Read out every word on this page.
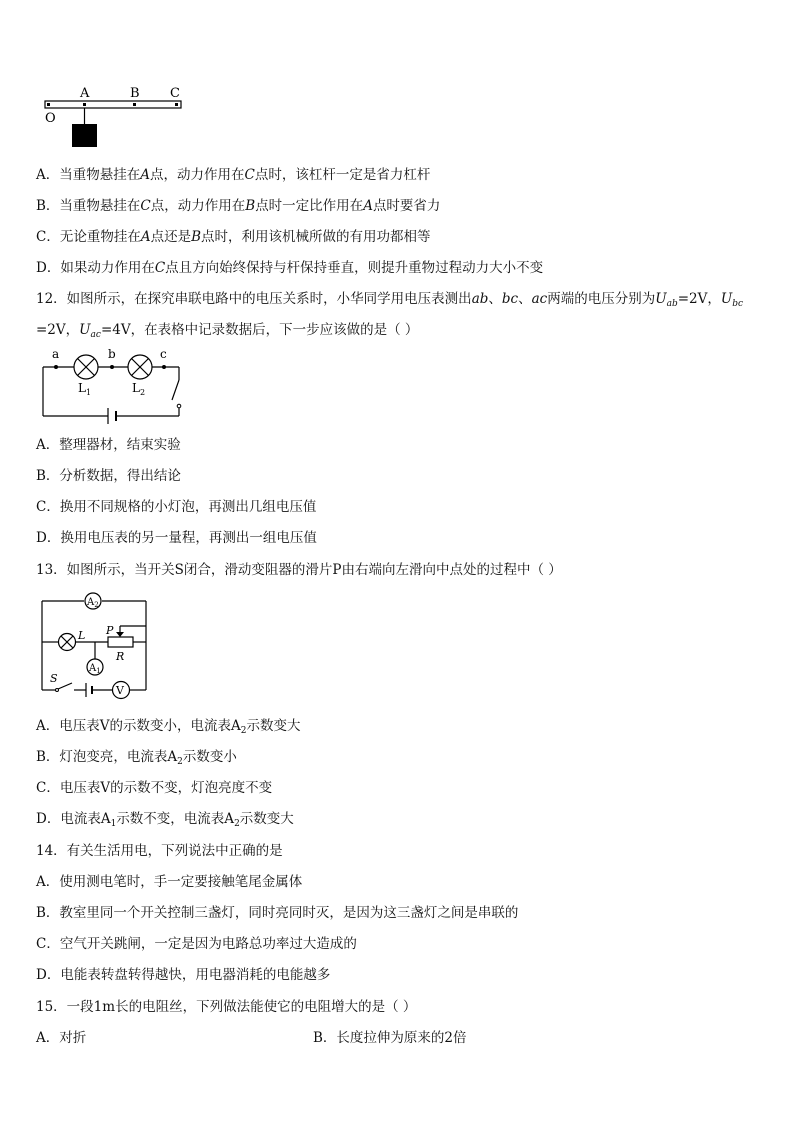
A	B C
O
A．当重物悬挂在A点，动力作用在C点时，该杠杆一定是省力杠杆
B．当重物悬挂在C点，动力作用在B点时一定比作用在A点时要省力
C．无论重物挂在A点还是B点时，利用该机械所做的有用功都相等
D．如果动力作用在C点且方向始终保持与杆保持垂直，则提升重物过程动力大小不变
12．如图所示，在探究串联电路中的电压关系时，小华同学用电压表测出ab、bc、ac两端的电压分别为$U_{ab}=2V$，$U_{bc}$
=2V，$U_{ac}=4V$，在表格中记录数据后，下一步应该做的是（ ）
a	b	c
$L_1$	$L_2$
A．整理器材，结束实验
B．分析数据，得出结论
C．换用不同规格的小灯泡，再测出几组电压值
D．换用电压表的另一量程，再测出一组电压值
13．如图所示，当开关S闭合，滑动变阻器的滑片P由右端向左滑向中点处的过程中（ ）
$A_2$
$A_1$
V
L P
R
S
A．电压表V的示数变小，电流表$A_2$示数变大
B．灯泡变亮，电流表$A_2$示数变小
C．电压表V的示数不变，灯泡亮度不变
D．电流表$A_1$示数不变，电流表$A_2$示数变大
14．有关生活用电，下列说法中正确的是
A．使用测电笔时，手一定要接触笔尾金属体
B．教室里同一个开关控制三盏灯，同时亮同时灭，是因为这三盏灯之间是串联的
C．空气开关跳闸，一定是因为电路总功率过大造成的
D．电能表转盘转得越快，用电器消耗的电能越多
15．一段1m长的电阻丝，下列做法能使它的电阻增大的是（ ）
A．对折	B．长度拉伸为原来的2倍
